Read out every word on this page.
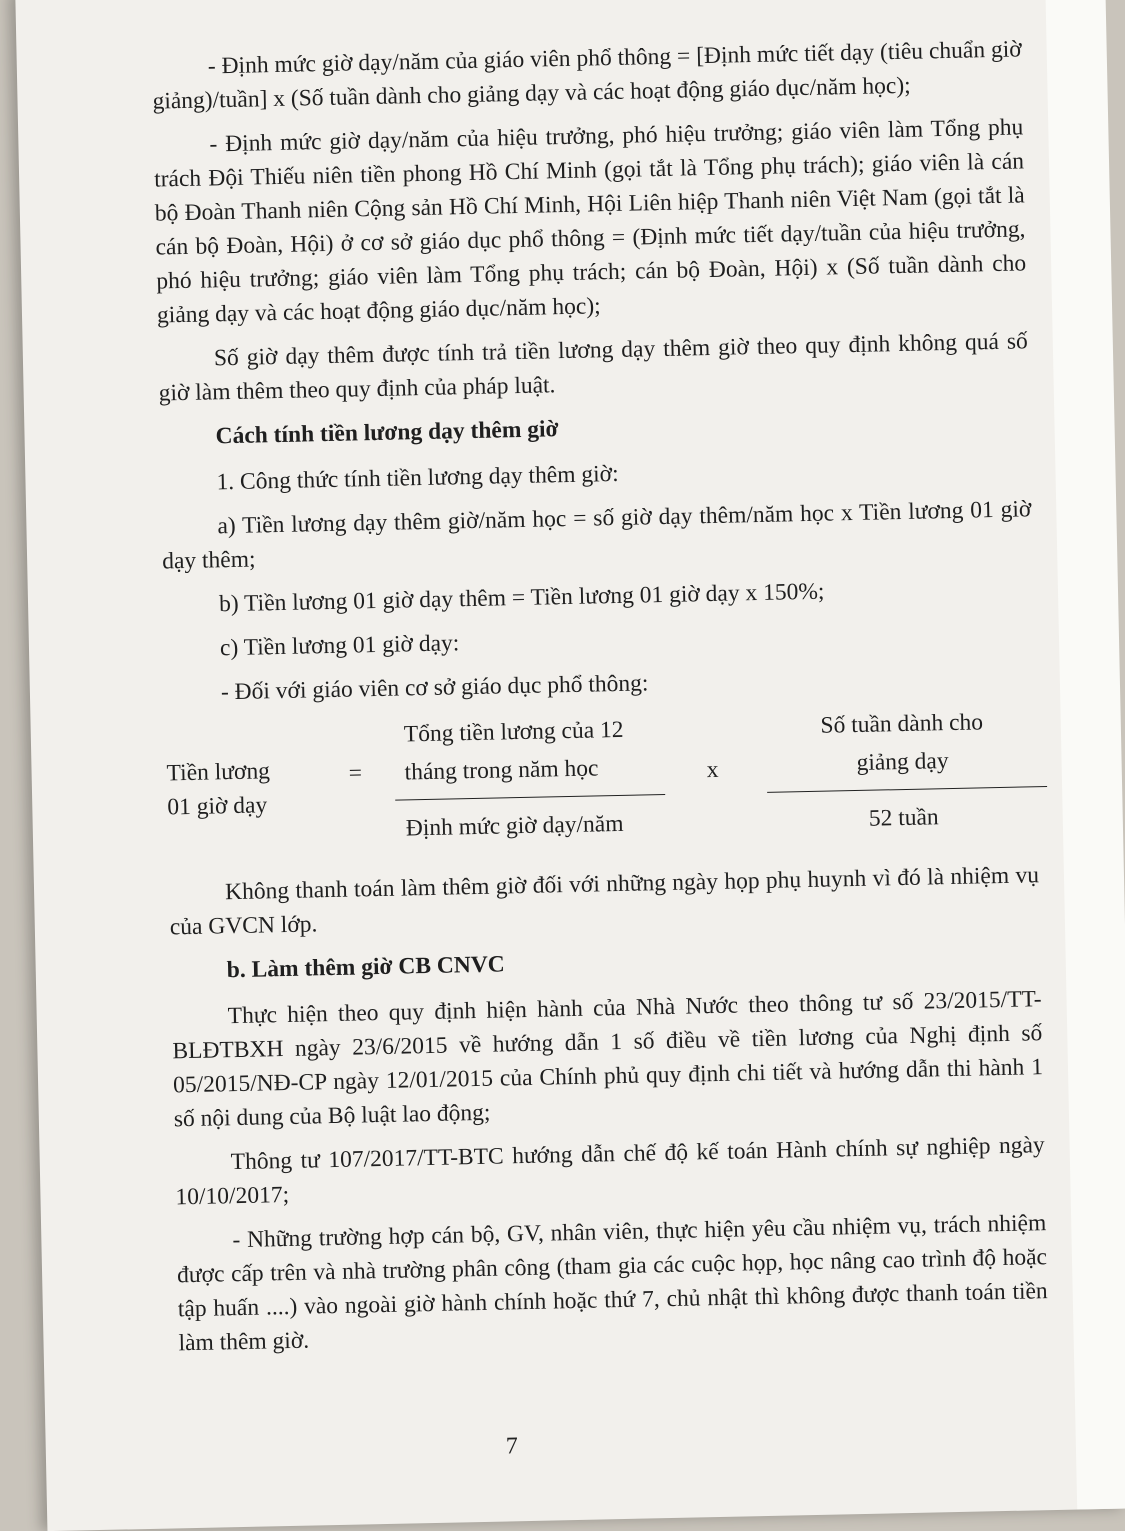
- Định mức giờ dạy/năm của giáo viên phổ thông = [Định mức tiết dạy (tiêu chuẩn giờ giảng)/tuần] x (Số tuần dành cho giảng dạy và các hoạt động giáo dục/năm học);

- Định mức giờ dạy/năm của hiệu trưởng, phó hiệu trưởng; giáo viên làm Tổng phụ trách Đội Thiếu niên tiền phong Hồ Chí Minh (gọi tắt là Tổng phụ trách); giáo viên là cán bộ Đoàn Thanh niên Cộng sản Hồ Chí Minh, Hội Liên hiệp Thanh niên Việt Nam (gọi tắt là cán bộ Đoàn, Hội) ở cơ sở giáo dục phổ thông = (Định mức tiết dạy/tuần của hiệu trưởng, phó hiệu trưởng; giáo viên làm Tổng phụ trách; cán bộ Đoàn, Hội) x (Số tuần dành cho giảng dạy và các hoạt động giáo dục/năm học);

Số giờ dạy thêm được tính trả tiền lương dạy thêm giờ theo quy định không quá số giờ làm thêm theo quy định của pháp luật.

Cách tính tiền lương dạy thêm giờ

1. Công thức tính tiền lương dạy thêm giờ:

a) Tiền lương dạy thêm giờ/năm học = số giờ dạy thêm/năm học x Tiền lương 01 giờ dạy thêm;

b) Tiền lương 01 giờ dạy thêm = Tiền lương 01 giờ dạy x 150%;

c) Tiền lương 01 giờ dạy:

- Đối với giáo viên cơ sở giáo dục phổ thông:

Tiền lương 01 giờ dạy
=
Tổng tiền lương của 12 tháng trong năm học
Định mức giờ dạy/năm
x
Số tuần dành cho giảng dạy
52 tuần

Không thanh toán làm thêm giờ đối với những ngày họp phụ huynh vì đó là nhiệm vụ của GVCN lớp.

b. Làm thêm giờ CB CNVC

Thực hiện theo quy định hiện hành của Nhà Nước theo thông tư số 23/2015/TT- BLĐTBXH ngày 23/6/2015 về hướng dẫn 1 số điều về tiền lương của Nghị định số 05/2015/NĐ-CP ngày 12/01/2015 của Chính phủ quy định chi tiết và hướng dẫn thi hành 1 số nội dung của Bộ luật lao động;

Thông tư 107/2017/TT-BTC hướng dẫn chế độ kế toán Hành chính sự nghiệp ngày 10/10/2017;

- Những trường hợp cán bộ, GV, nhân viên, thực hiện yêu cầu nhiệm vụ, trách nhiệm được cấp trên và nhà trường phân công (tham gia các cuộc họp, học nâng cao trình độ hoặc tập huấn ....) vào ngoài giờ hành chính hoặc thứ 7, chủ nhật thì không được thanh toán tiền làm thêm giờ.

7
